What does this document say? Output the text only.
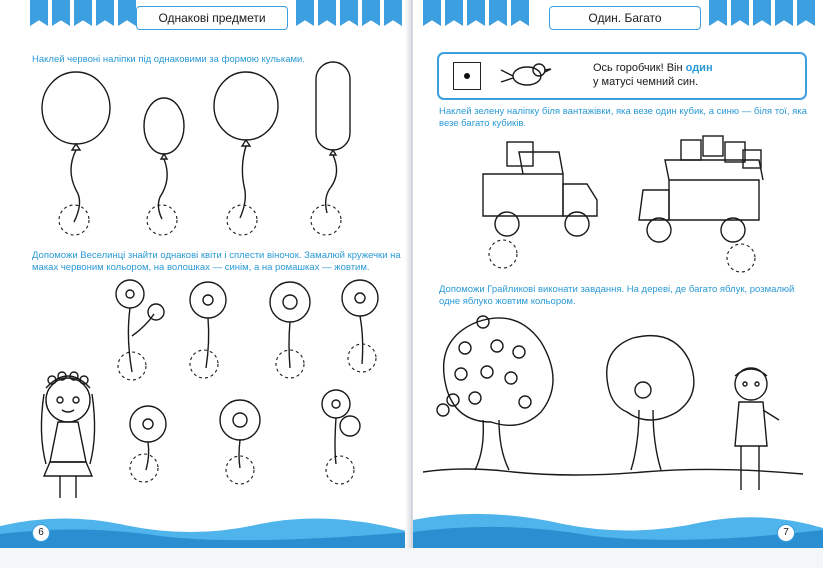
Однакові предмети
Наклей червоні наліпки під однаковими за формою кульками.
Допоможи Веселинці знайти однакові квіти і сплести віночок. Замалюй кружечки на маках червоним кольором, на волошках — синім, а на ромашках — жовтим.
6
Один. Багато
Ось горобчик! Він один
у матусі чемний син.
Наклей зелену наліпку біля вантажівки, яка везе один кубик, а синю — біля тої, яка везе багато кубиків.
Допоможи Грайликові виконати завдання. На дереві, де багато яблук, розмалюй одне яблуко жовтим кольором.
7
